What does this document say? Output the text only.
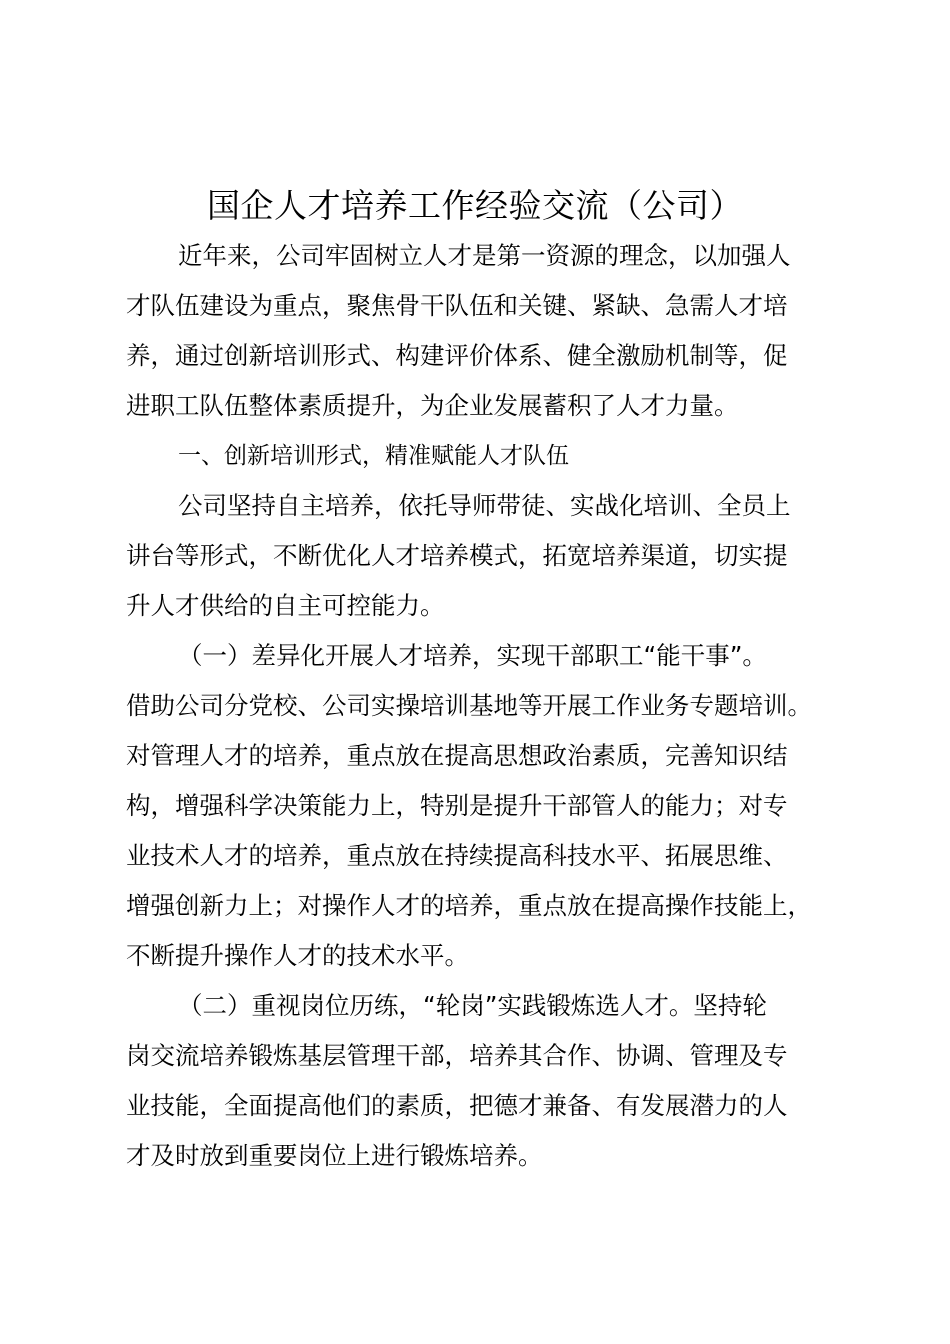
国企人才培养工作经验交流（公司）
近年来，公司牢固树立人才是第一资源的理念，以加强人
才队伍建设为重点，聚焦骨干队伍和关键、紧缺、急需人才培
养，通过创新培训形式、构建评价体系、健全激励机制等，促
进职工队伍整体素质提升，为企业发展蓄积了人才力量。
一、创新培训形式，精准赋能人才队伍
公司坚持自主培养，依托导师带徒、实战化培训、全员上
讲台等形式，不断优化人才培养模式，拓宽培养渠道，切实提
升人才供给的自主可控能力。
（一）差异化开展人才培养，实现干部职工“能干事”。
借助公司分党校、公司实操培训基地等开展工作业务专题培训。
对管理人才的培养，重点放在提高思想政治素质，完善知识结
构，增强科学决策能力上，特别是提升干部管人的能力；对专
业技术人才的培养，重点放在持续提高科技水平、拓展思维、
增强创新力上；对操作人才的培养，重点放在提高操作技能上，
不断提升操作人才的技术水平。
（二）重视岗位历练，“轮岗”实践锻炼选人才。坚持轮
岗交流培养锻炼基层管理干部，培养其合作、协调、管理及专
业技能，全面提高他们的素质，把德才兼备、有发展潜力的人
才及时放到重要岗位上进行锻炼培养。
